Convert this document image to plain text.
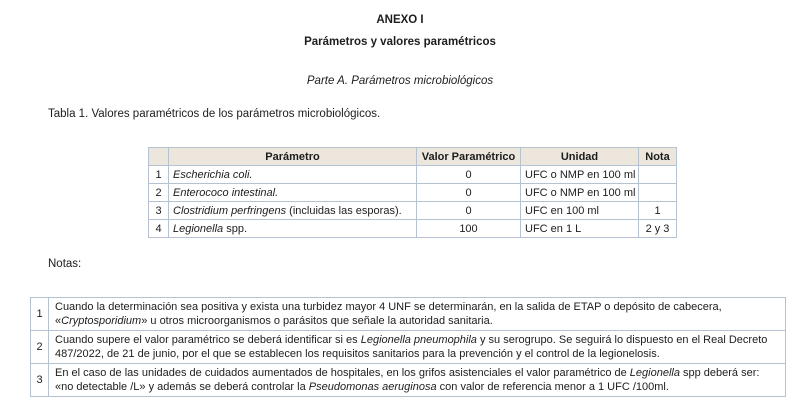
ANEXO I

Parámetros y valores paramétricos

Parte A. Parámetros microbiológicos

Tabla 1. Valores paramétricos de los parámetros microbiológicos.

	Parámetro	Valor Paramétrico	Unidad	Nota
1	Escherichia coli.	0	UFC o NMP en 100 ml	
2	Enterococo intestinal.	0	UFC o NMP en 100 ml	
3	Clostridium perfringens (incluidas las esporas).	0	UFC en 100 ml	1
4	Legionella spp.	100	UFC en 1 L	2 y 3

Notas:

1	Cuando la determinación sea positiva y exista una turbidez mayor 4 UNF se determinarán, en la salida de ETAP o depósito de cabecera, «Cryptosporidium» u otros microorganismos o parásitos que señale la autoridad sanitaria.
2	Cuando supere el valor paramétrico se deberá identificar si es Legionella pneumophila y su serogrupo. Se seguirá lo dispuesto en el Real Decreto 487/2022, de 21 de junio, por el que se establecen los requisitos sanitarios para la prevención y el control de la legionelosis.
3	En el caso de las unidades de cuidados aumentados de hospitales, en los grifos asistenciales el valor paramétrico de Legionella spp deberá ser: «no detectable /L» y además se deberá controlar la Pseudomonas aeruginosa con valor de referencia menor a 1 UFC /100ml.
